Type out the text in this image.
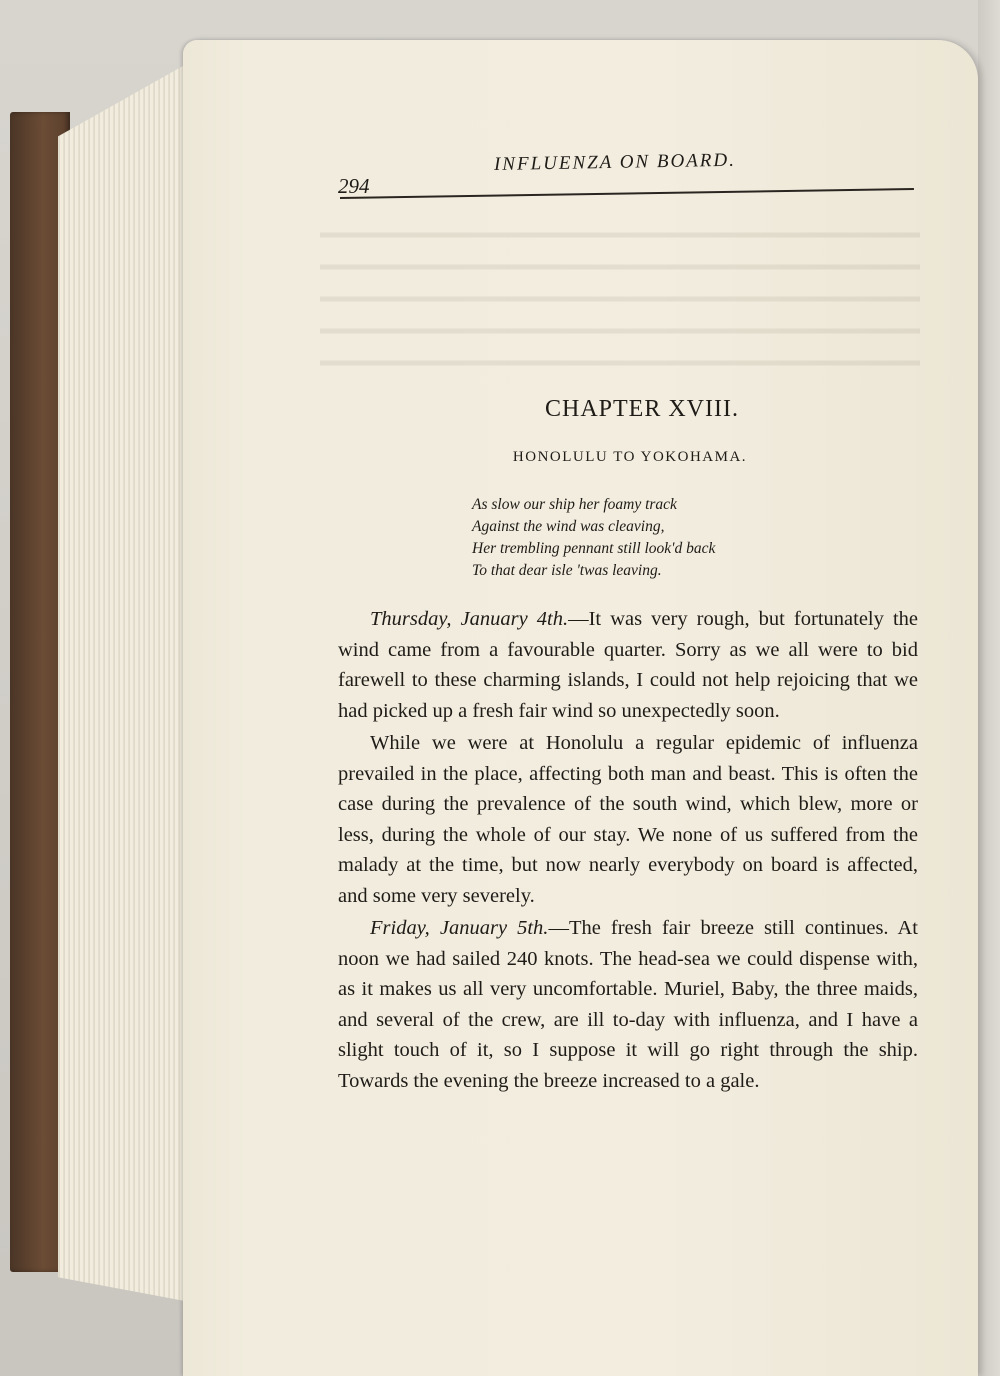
294
INFLUENZA ON BOARD.
CHAPTER XVIII.
HONOLULU TO YOKOHAMA.
As slow our ship her foamy track
Against the wind was cleaving,
Her trembling pennant still look'd back
To that dear isle 'twas leaving.

Thursday, January 4th.—It was very rough, but fortunately the wind came from a favourable quarter. Sorry as we all were to bid farewell to these charming islands, I could not help rejoicing that we had picked up a fresh fair wind so unexpectedly soon.

While we were at Honolulu a regular epidemic of influenza prevailed in the place, affecting both man and beast. This is often the case during the prevalence of the south wind, which blew, more or less, during the whole of our stay. We none of us suffered from the malady at the time, but now nearly everybody on board is affected, and some very severely.

Friday, January 5th.—The fresh fair breeze still continues. At noon we had sailed 240 knots. The head-sea we could dispense with, as it makes us all very uncomfortable. Muriel, Baby, the three maids, and several of the crew, are ill to-day with influenza, and I have a slight touch of it, so I suppose it will go right through the ship. Towards the evening the breeze increased to a gale.
